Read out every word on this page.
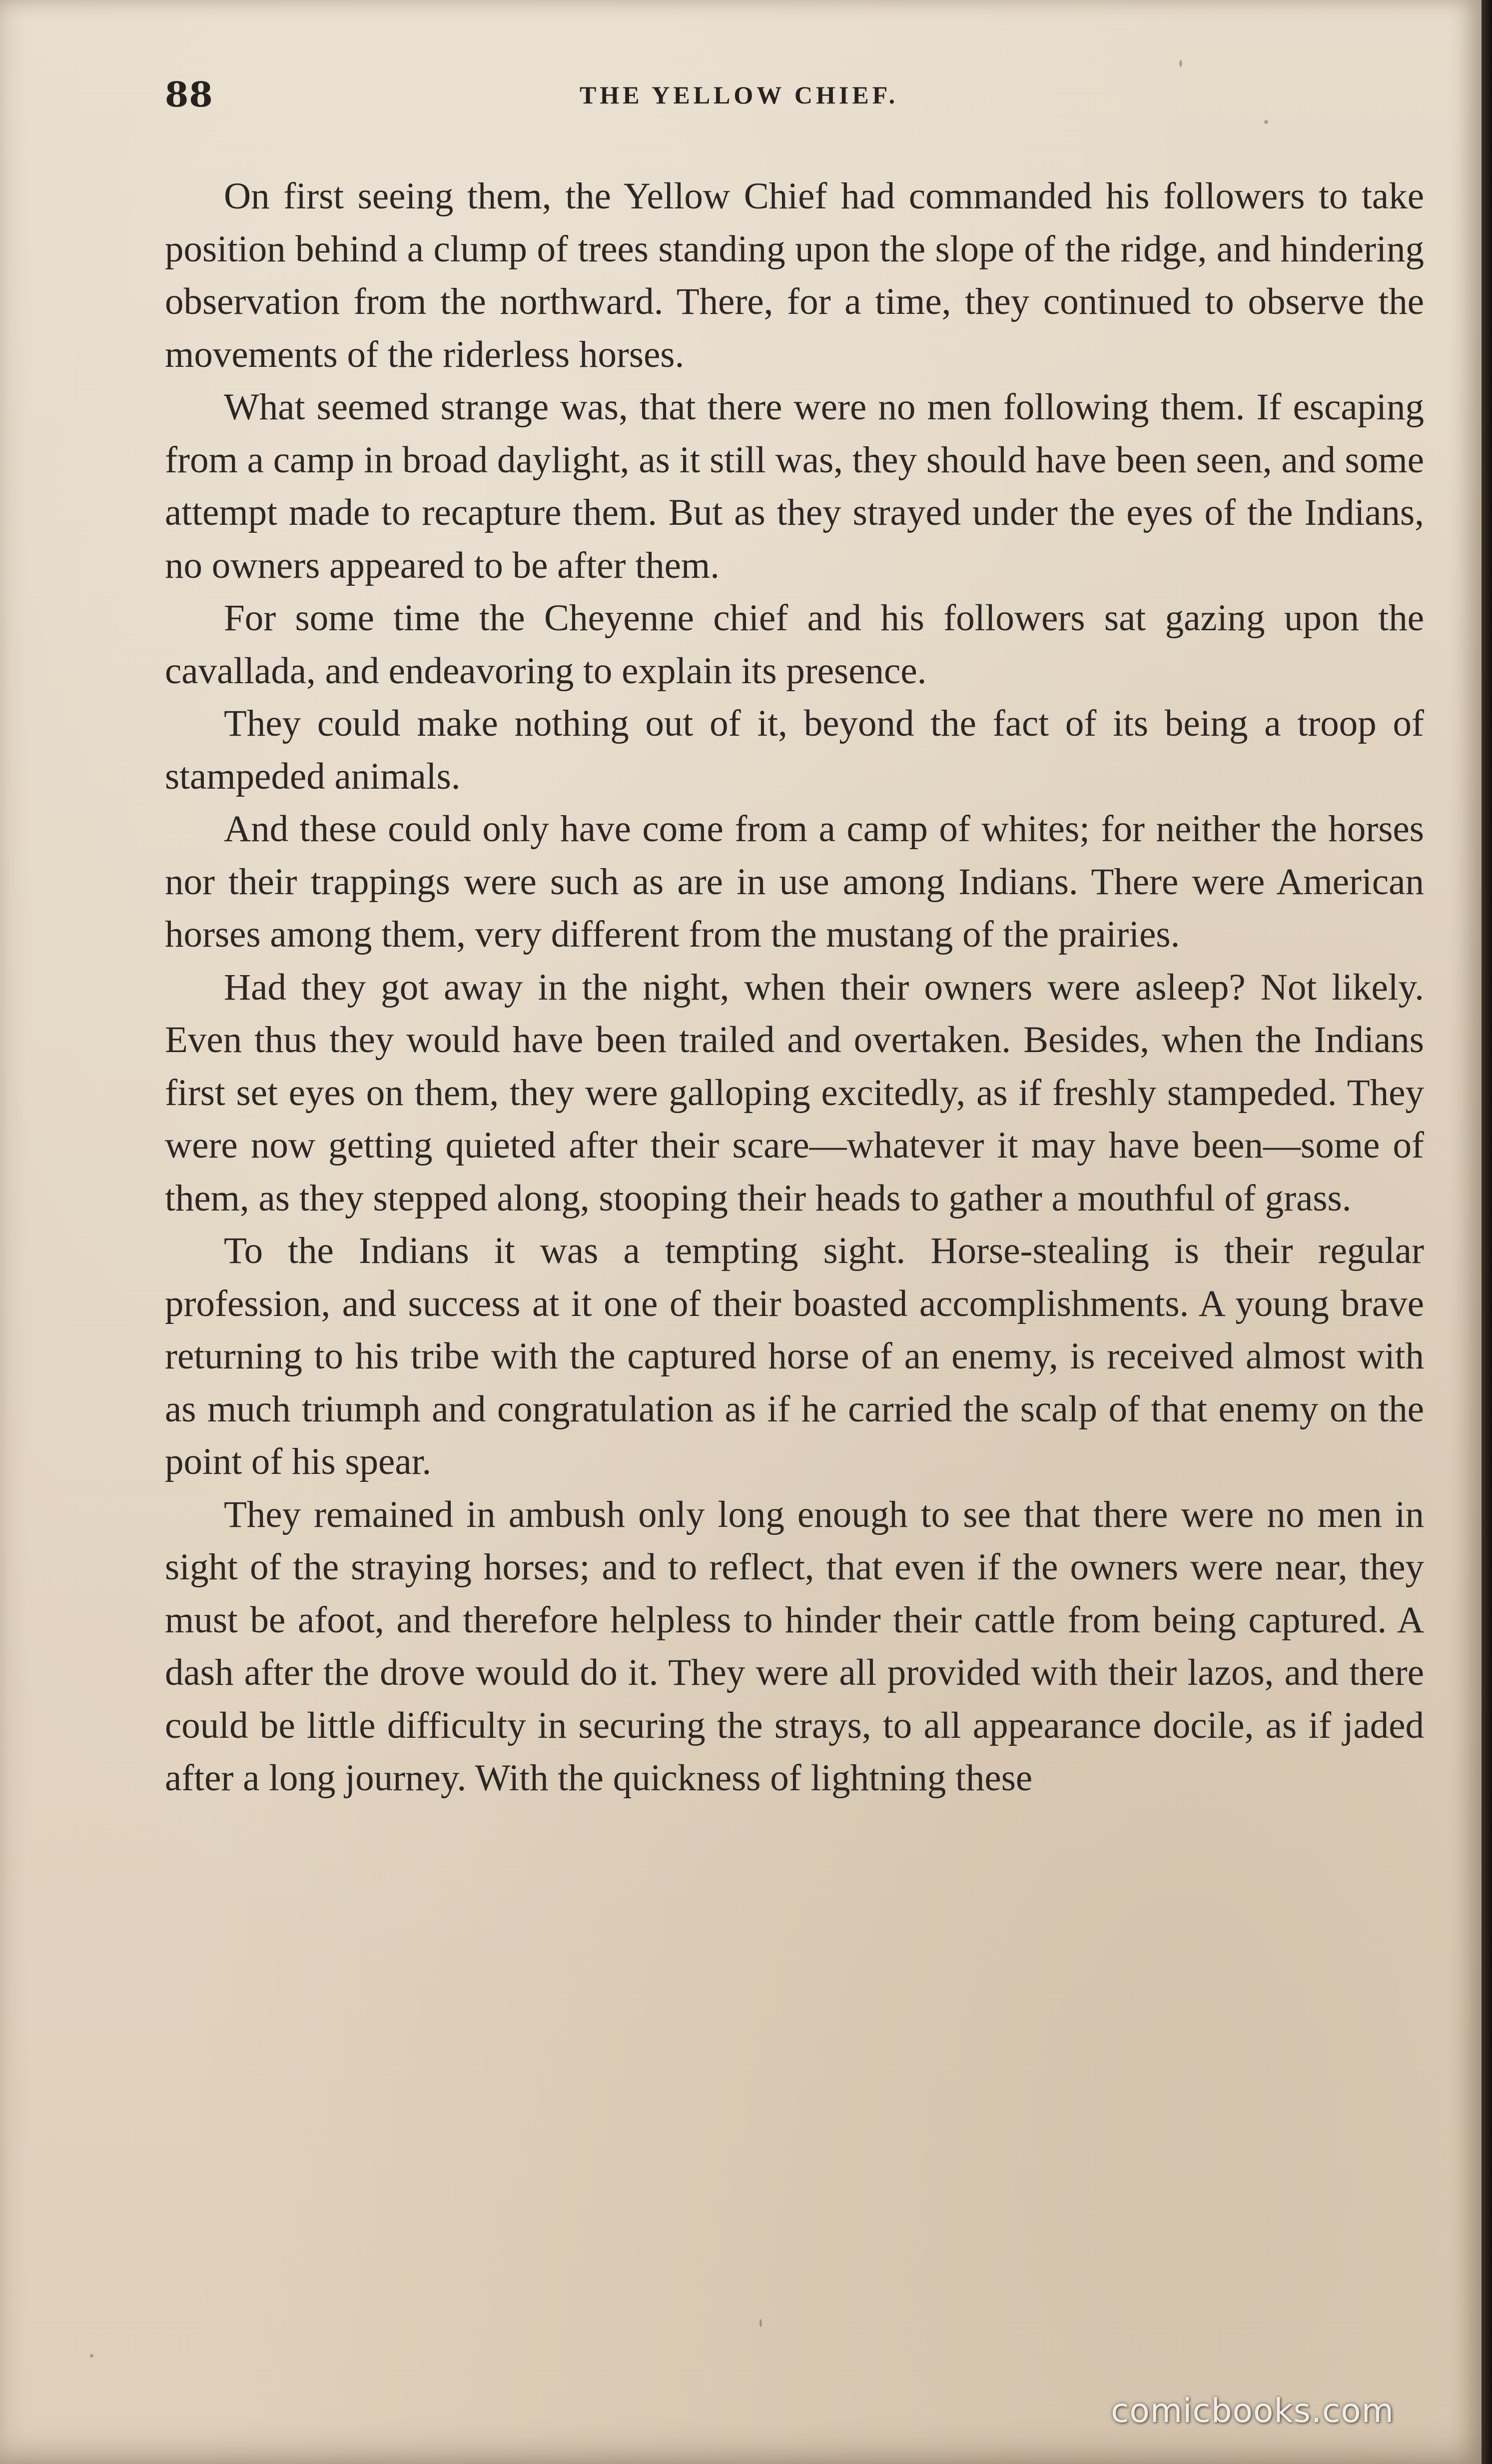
88	THE YELLOW CHIEF.

On first seeing them, the Yellow Chief had commanded his followers to take position behind a clump of trees standing upon the slope of the ridge, and hindering observation from the northward. There, for a time, they continued to observe the movements of the riderless horses.

What seemed strange was, that there were no men following them. If escaping from a camp in broad daylight, as it still was, they should have been seen, and some attempt made to recapture them. But as they strayed under the eyes of the Indians, no owners appeared to be after them.

For some time the Cheyenne chief and his followers sat gazing upon the cavallada, and endeavoring to explain its presence.

They could make nothing out of it, beyond the fact of its being a troop of stampeded animals.

And these could only have come from a camp of whites; for neither the horses nor their trappings were such as are in use among Indians. There were American horses among them, very different from the mustang of the prairies.

Had they got away in the night, when their owners were asleep? Not likely. Even thus they would have been trailed and overtaken. Besides, when the Indians first set eyes on them, they were galloping excitedly, as if freshly stampeded. They were now getting quieted after their scare—whatever it may have been—some of them, as they stepped along, stooping their heads to gather a mouthful of grass.

To the Indians it was a tempting sight. Horse-stealing is their regular profession, and success at it one of their boasted accomplishments. A young brave returning to his tribe with the captured horse of an enemy, is received almost with as much triumph and congratulation as if he carried the scalp of that enemy on the point of his spear.

They remained in ambush only long enough to see that there were no men in sight of the straying horses; and to reflect, that even if the owners were near, they must be afoot, and therefore helpless to hinder their cattle from being captured. A dash after the drove would do it. They were all provided with their lazos, and there could be little difficulty in securing the strays, to all appearance docile, as if jaded after a long journey. With the quickness of lightning these

comicbooks.com
